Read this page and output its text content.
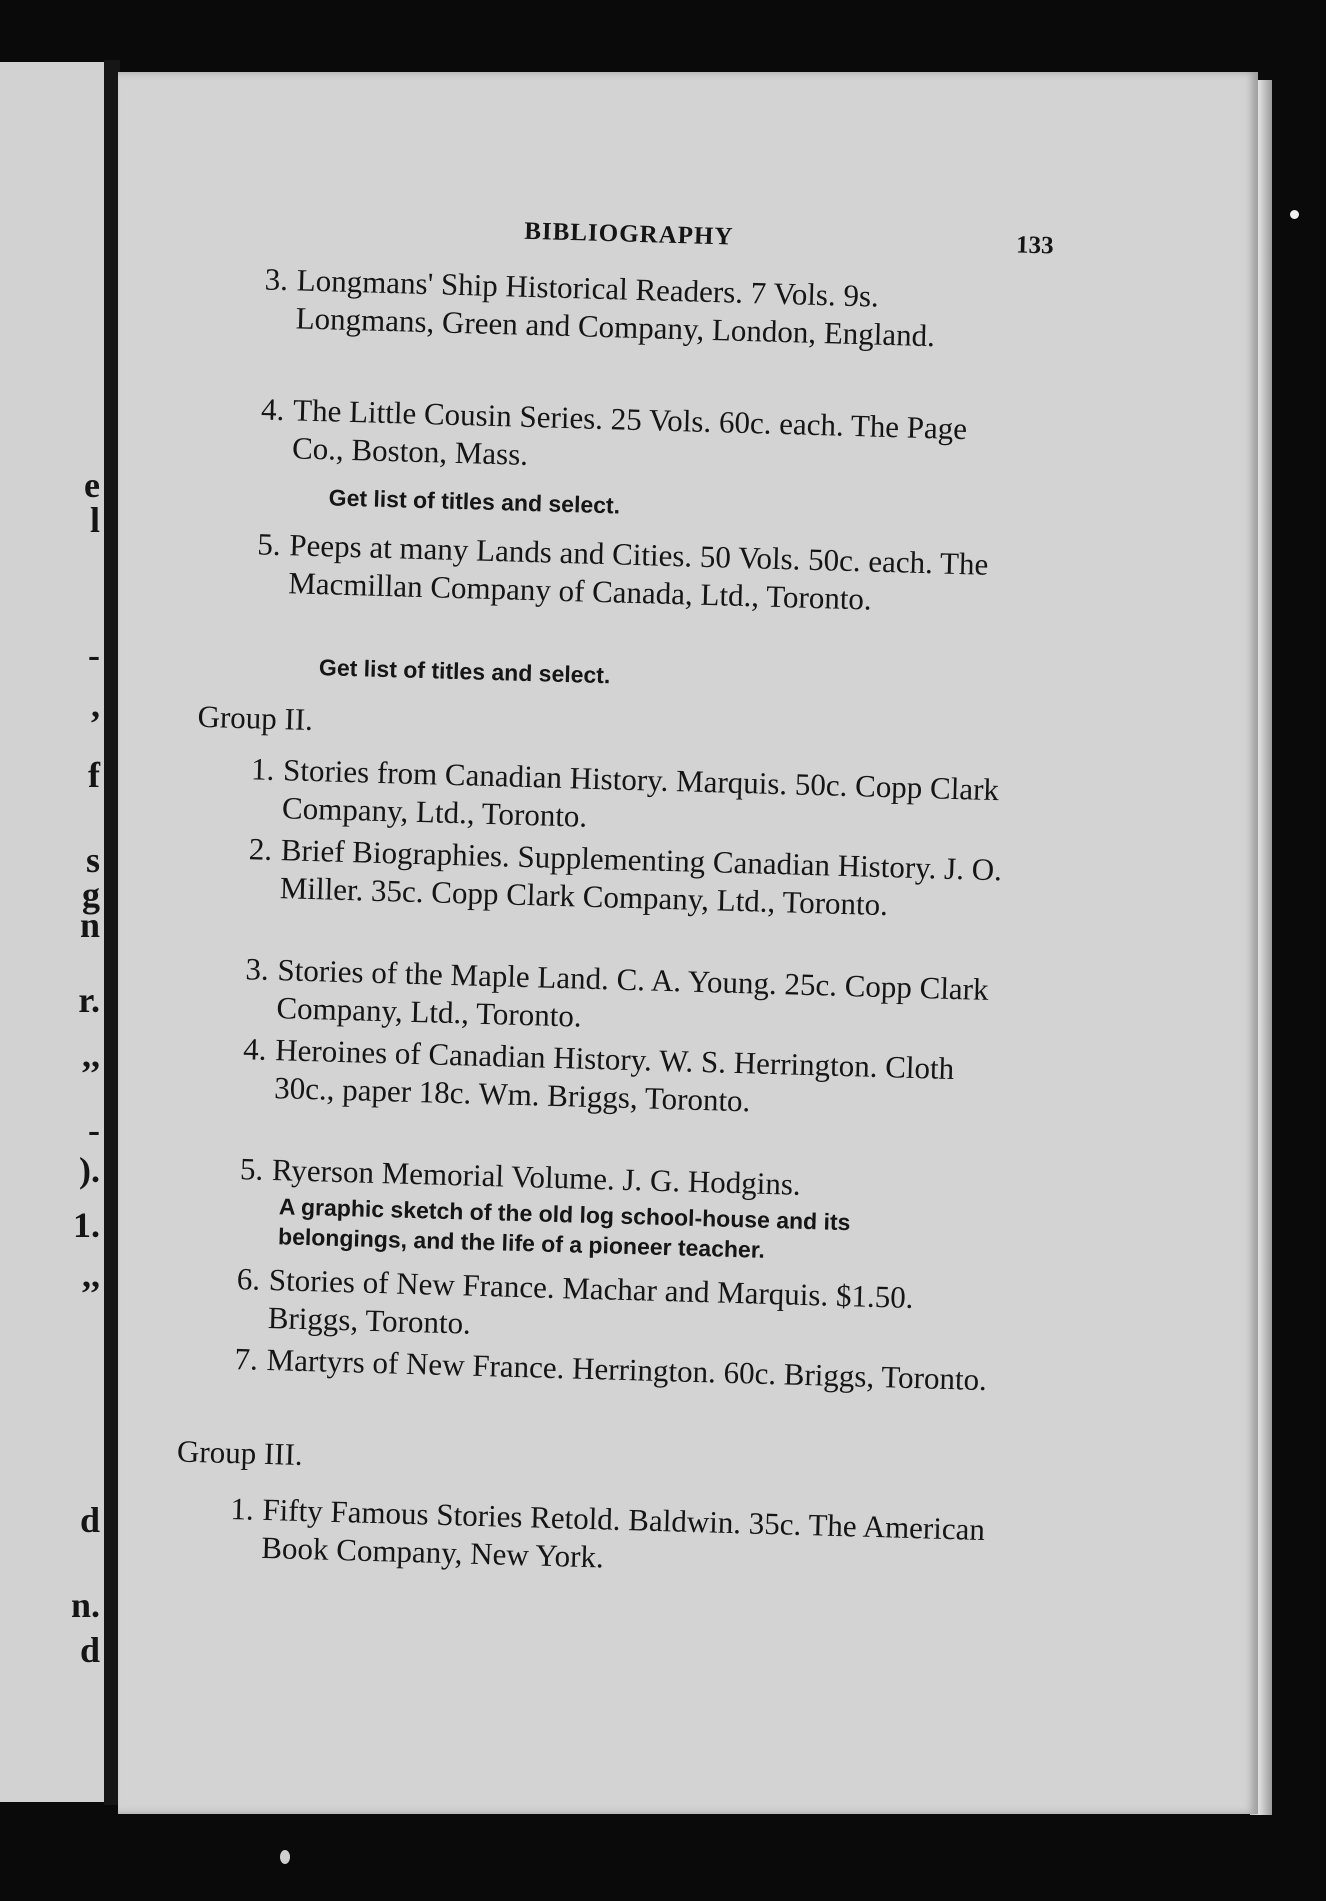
e
l
-
,
f
s
g
n
r.
,,
-
).
1.
,,
d
n.
d
BIBLIOGRAPHY	133
3. Longmans' Ship Historical Readers. 7 Vols. 9s. Longmans, Green and Company, London, England.
4. The Little Cousin Series. 25 Vols. 60c. each. The Page Co., Boston, Mass.
Get list of titles and select.
5. Peeps at many Lands and Cities. 50 Vols. 50c. each. The Macmillan Company of Canada, Ltd., Toronto.
Get list of titles and select.
Group II.
1. Stories from Canadian History. Marquis. 50c. Copp Clark Company, Ltd., Toronto.
2. Brief Biographies. Supplementing Canadian History. J. O. Miller. 35c. Copp Clark Company, Ltd., Toronto.
3. Stories of the Maple Land. C. A. Young. 25c. Copp Clark Company, Ltd., Toronto.
4. Heroines of Canadian History. W. S. Herrington. Cloth 30c., paper 18c. Wm. Briggs, Toronto.
5. Ryerson Memorial Volume. J. G. Hodgins.
A graphic sketch of the old log school-house and its belongings, and the life of a pioneer teacher.
6. Stories of New France. Machar and Marquis. $1.50. Briggs, Toronto.
7. Martyrs of New France. Herrington. 60c. Briggs, Toronto.
Group III.
1. Fifty Famous Stories Retold. Baldwin. 35c. The American Book Company, New York.
